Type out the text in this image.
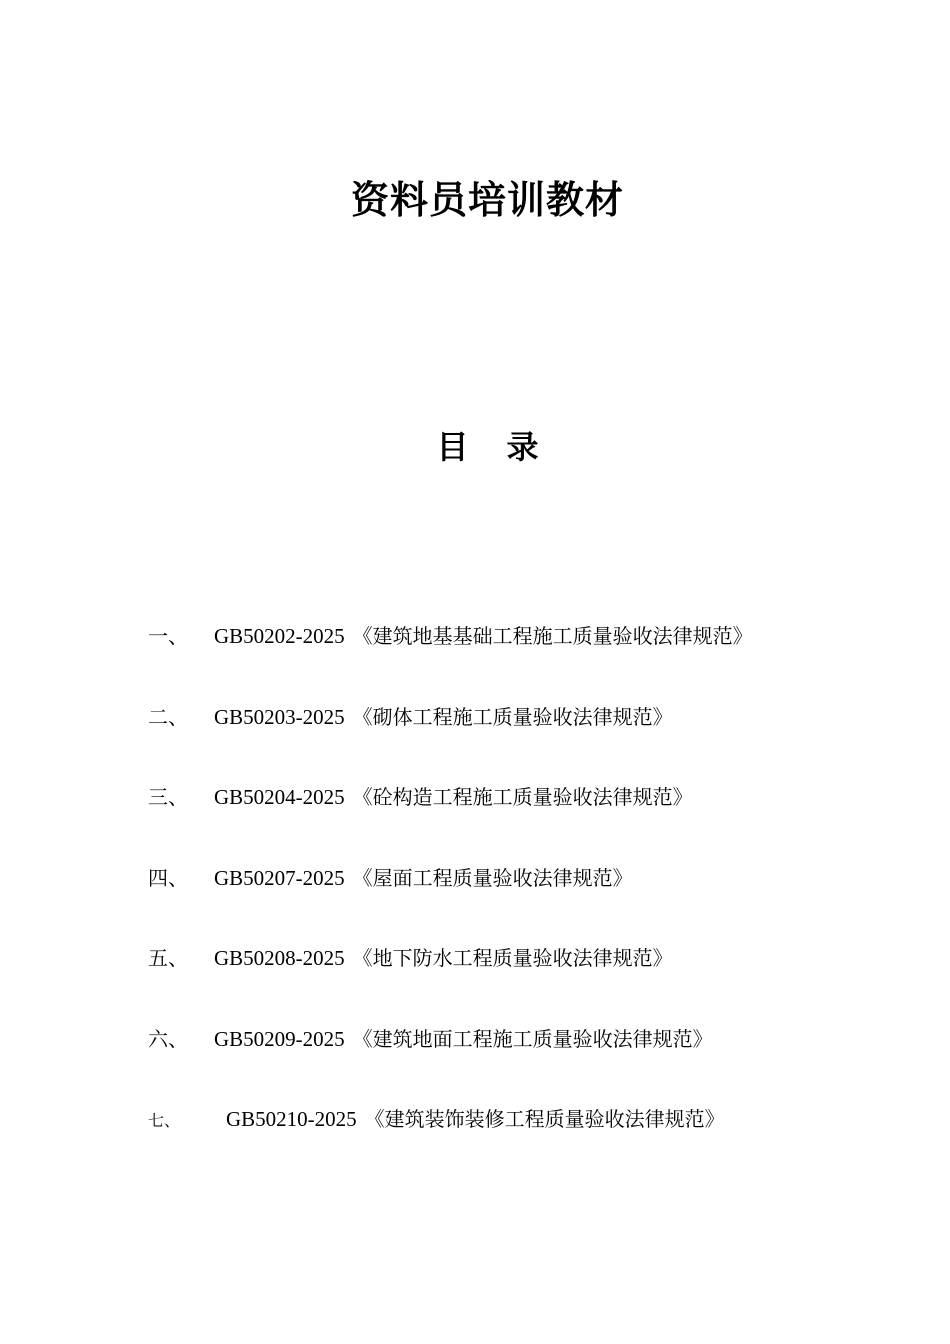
资料员培训教材
目 录
一、 GB50202-2025 《建筑地基基础工程施工质量验收法律规范》
二、 GB50203-2025 《砌体工程施工质量验收法律规范》
三、 GB50204-2025 《砼构造工程施工质量验收法律规范》
四、 GB50207-2025 《屋面工程质量验收法律规范》
五、 GB50208-2025 《地下防水工程质量验收法律规范》
六、 GB50209-2025 《建筑地面工程施工质量验收法律规范》
七、 GB50210-2025 《建筑装饰装修工程质量验收法律规范》
